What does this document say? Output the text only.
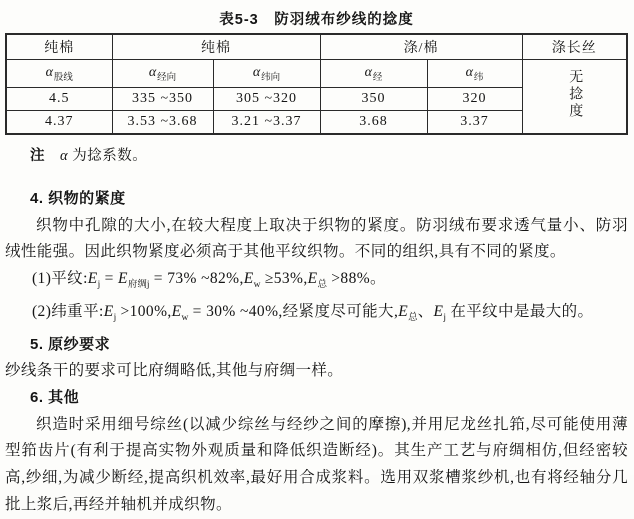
表5-3　防羽绒布纱线的捻度
纯棉	纯棉		涤/棉		涤长丝
$\alpha_{股线}$	$\alpha_{经向}$	$\alpha_{纬向}$	$\alpha_经$	$\alpha_纬$	无捻度
4.5	335 ~350	305 ~320	350	320	
4.37	3.53 ~3.68	3.21 ~3.37	3.68	3.37	
注　 α 为捻系数。
4. 织物的紧度

织物中孔隙的大小,在较大程度上取决于织物的紧度。防羽绒布要求透气量小、防羽绒性能强。因此织物紧度必须高于其他平纹织物。不同的组织,具有不同的紧度。

(1)平纹$:E_j = E_{府绸j} = 73\%$ $\sim 82\%,E_w \ge 53\%,E_总 >88\%$。
(2)纬重平$:E_j >100\%,E_w = 30\%$ ~40%,经紧度尽可能大$,E_总$、$E_j$ 在平纹中是最大的。
5. 原纱要求

纱线条干的要求可比府绸略低,其他与府绸一样。

6. 其他

织造时采用细号综丝(以减少综丝与经纱之间的摩擦),并用尼龙丝扎筘,尽可能使用薄型筘齿片(有利于提高实物外观质量和降低织造断经)。其生产工艺与府绸相仿,但经密较高,纱细,为减少断经,提高织机效率,最好用合成浆料。选用双浆槽浆纱机,也有将经轴分几批上浆后,再经并轴机并成织物。
